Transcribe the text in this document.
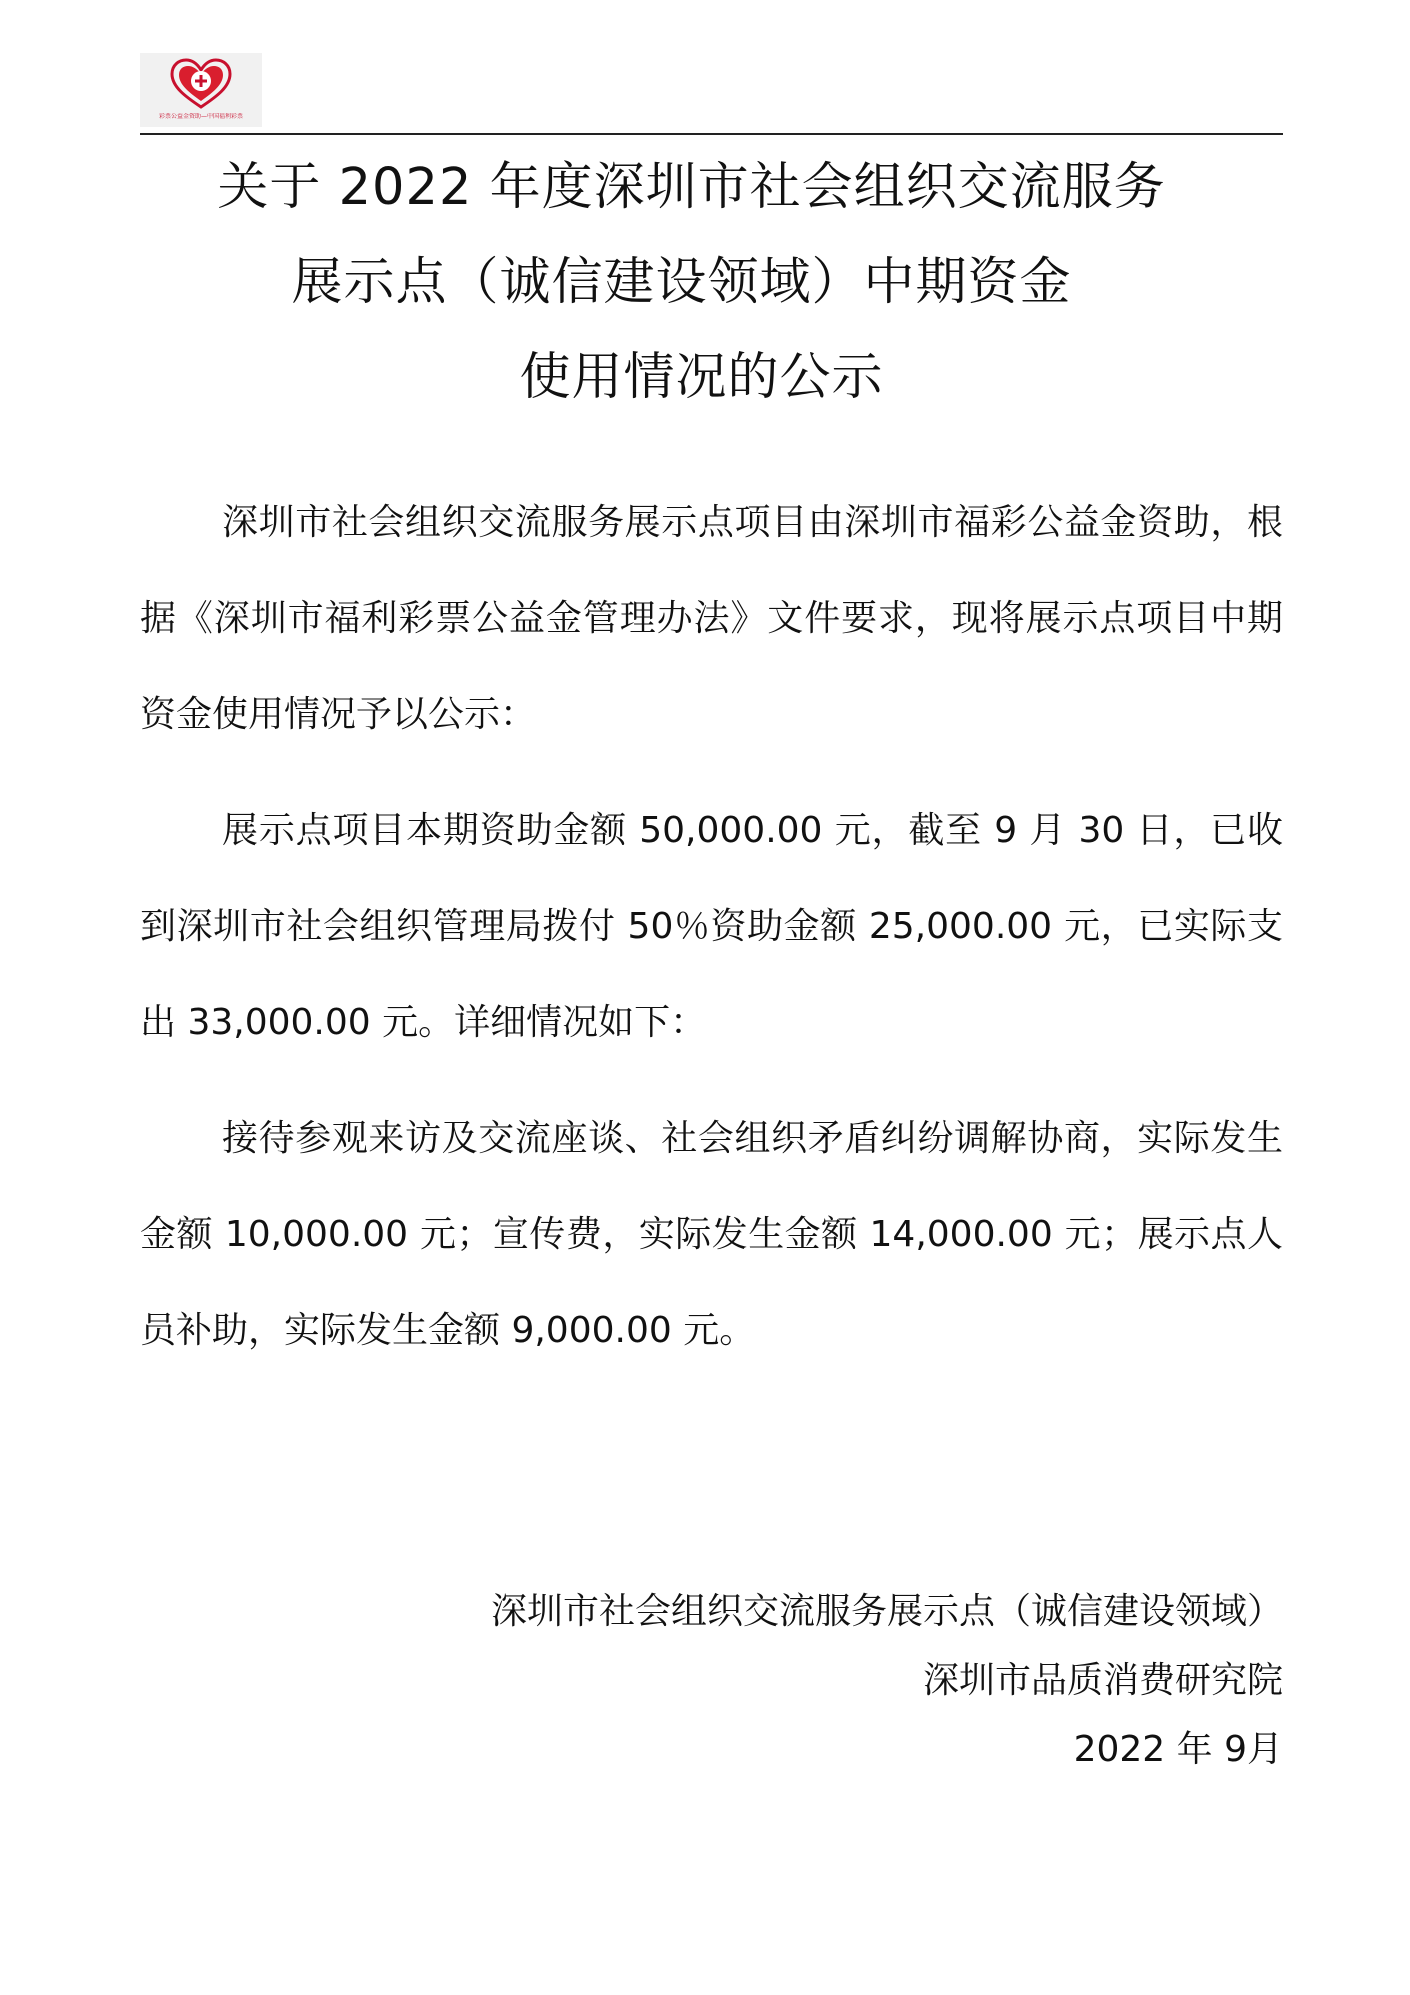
彩票公益金资助—中国福利彩票
关于 2022 年度深圳市社会组织交流服务
展示点（诚信建设领域）中期资金
使用情况的公示

深圳市社会组织交流服务展示点项目由深圳市福彩公益金资助，根据《深圳市福利彩票公益金管理办法》文件要求，现将展示点项目中期资金使用情况予以公示：

展示点项目本期资助金额 50,000.00 元，截至 9 月 30 日，已收到深圳市社会组织管理局拨付 50％资助金额 25,000.00 元，已实际支出 33,000.00 元。详细情况如下：

接待参观来访及交流座谈、社会组织矛盾纠纷调解协商，实际发生金额 10,000.00 元；宣传费，实际发生金额 14,000.00 元；展示点人员补助，实际发生金额 9,000.00 元。

深圳市社会组织交流服务展示点（诚信建设领域）
深圳市品质消费研究院
2022 年 9月
